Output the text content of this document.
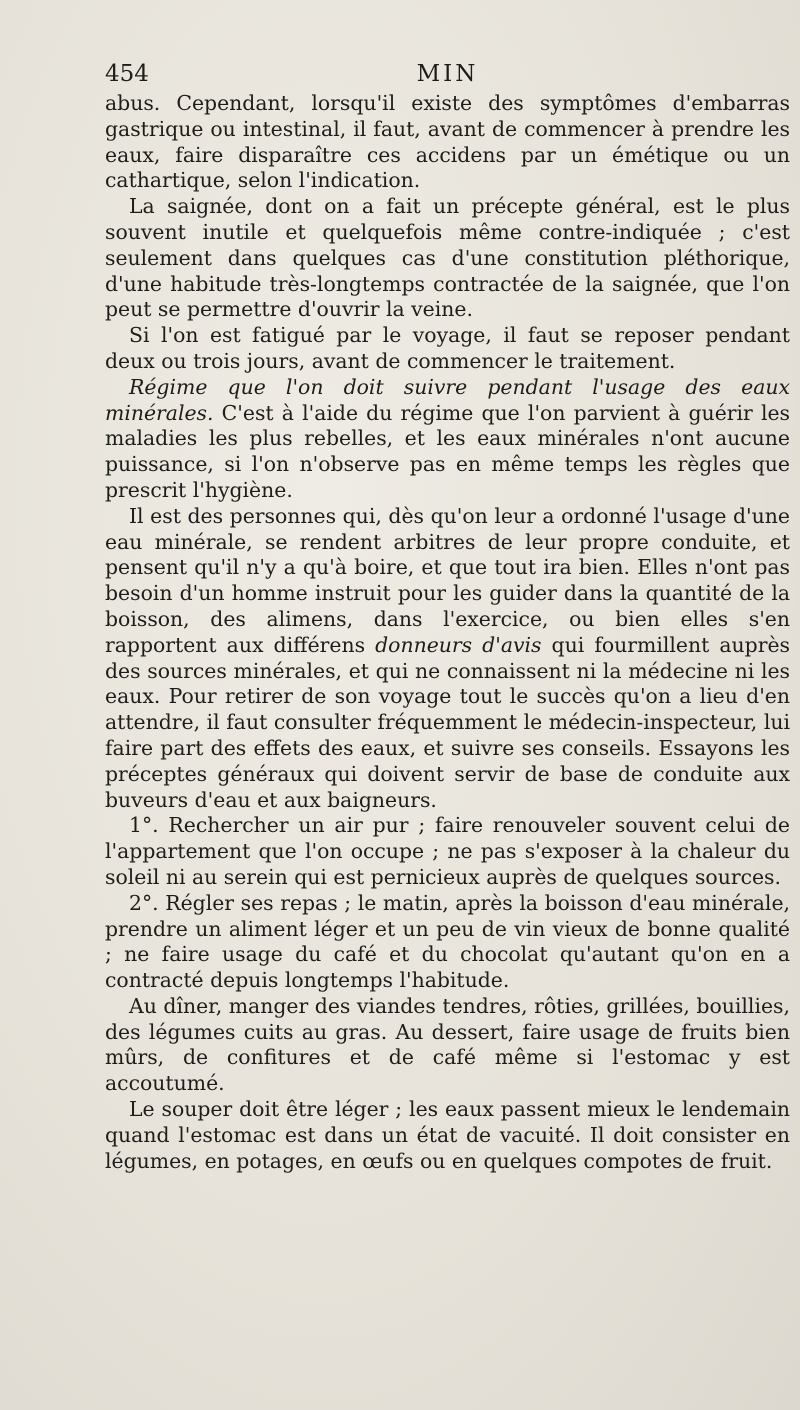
454	MIN

abus. Cependant, lorsqu'il existe des symptômes d'embarras gastrique ou intestinal, il faut, avant de commencer à prendre les eaux, faire disparaître ces accidens par un émétique ou un cathartique, selon l'indication.

La saignée, dont on a fait un précepte général, est le plus souvent inutile et quelquefois même contre-indiquée ; c'est seulement dans quelques cas d'une constitution pléthorique, d'une habitude très-longtemps contractée de la saignée, que l'on peut se permettre d'ouvrir la veine.

Si l'on est fatigué par le voyage, il faut se reposer pendant deux ou trois jours, avant de commencer le traitement.

Régime que l'on doit suivre pendant l'usage des eaux minérales. C'est à l'aide du régime que l'on parvient à guérir les maladies les plus rebelles, et les eaux minérales n'ont aucune puissance, si l'on n'observe pas en même temps les règles que prescrit l'hygiène.

Il est des personnes qui, dès qu'on leur a ordonné l'usage d'une eau minérale, se rendent arbitres de leur propre conduite, et pensent qu'il n'y a qu'à boire, et que tout ira bien. Elles n'ont pas besoin d'un homme instruit pour les guider dans la quantité de la boisson, des alimens, dans l'exercice, ou bien elles s'en rapportent aux différens donneurs d'avis qui fourmillent auprès des sources minérales, et qui ne connaissent ni la médecine ni les eaux. Pour retirer de son voyage tout le succès qu'on a lieu d'en attendre, il faut consulter fréquemment le médecin-inspecteur, lui faire part des effets des eaux, et suivre ses conseils. Essayons les préceptes généraux qui doivent servir de base de conduite aux buveurs d'eau et aux baigneurs.

1°. Rechercher un air pur ; faire renouveler souvent celui de l'appartement que l'on occupe ; ne pas s'exposer à la chaleur du soleil ni au serein qui est pernicieux auprès de quelques sources.

2°. Régler ses repas ; le matin, après la boisson d'eau minérale, prendre un aliment léger et un peu de vin vieux de bonne qualité ; ne faire usage du café et du chocolat qu'autant qu'on en a contracté depuis longtemps l'habitude.

Au dîner, manger des viandes tendres, rôties, grillées, bouillies, des légumes cuits au gras. Au dessert, faire usage de fruits bien mûrs, de confitures et de café même si l'estomac y est accoutumé.

Le souper doit être léger ; les eaux passent mieux le lendemain quand l'estomac est dans un état de vacuité. Il doit consister en légumes, en potages, en œufs ou en quelques compotes de fruit.
